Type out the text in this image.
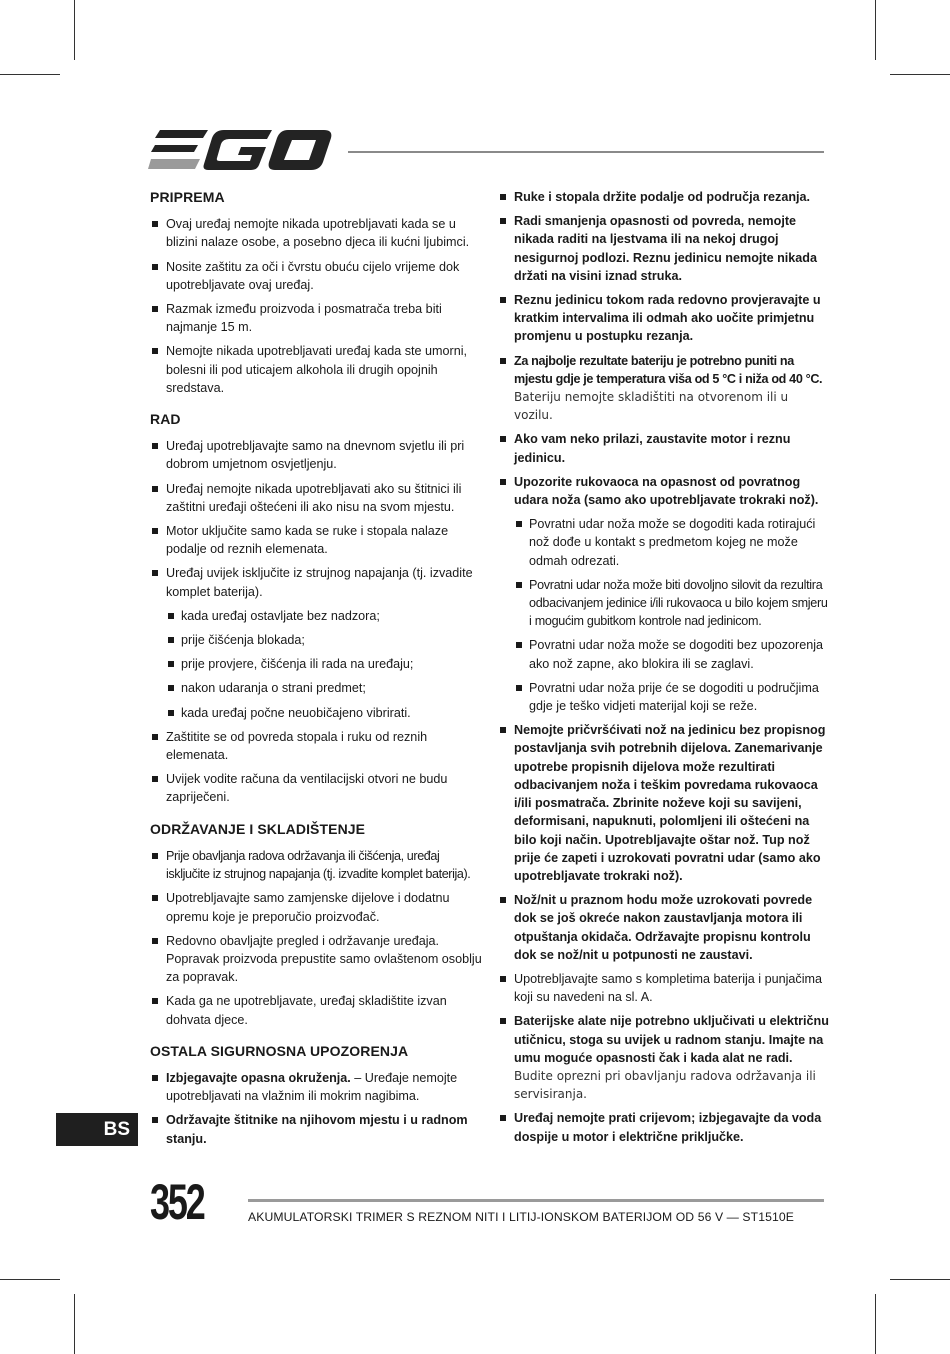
PRIPREMA
Ovaj uređaj nemojte nikada upotrebljavati kada se u blizini nalaze osobe, a posebno djeca ili kućni ljubimci.
Nosite zaštitu za oči i čvrstu obuću cijelo vrijeme dok upotrebljavate ovaj uređaj.
Razmak između proizvoda i posmatrača treba biti najmanje 15 m.
Nemojte nikada upotrebljavati uređaj kada ste umorni, bolesni ili pod uticajem alkohola ili drugih opojnih sredstava.
RAD
Uređaj upotrebljavajte samo na dnevnom svjetlu ili pri dobrom umjetnom osvjetljenju.
Uređaj nemojte nikada upotrebljavati ako su štitnici ili zaštitni uređaji oštećeni ili ako nisu na svom mjestu.
Motor uključite samo kada se ruke i stopala nalaze podalje od reznih elemenata.
Uređaj uvijek isključite iz strujnog napajanja (tj. izvadite komplet baterija).
kada uređaj ostavljate bez nadzora;
prije čišćenja blokada;
prije provjere, čišćenja ili rada na uređaju;
nakon udaranja o strani predmet;
kada uređaj počne neuobičajeno vibrirati.
Zaštitite se od povreda stopala i ruku od reznih elemenata.
Uvijek vodite računa da ventilacijski otvori ne budu zapriječeni.
ODRŽAVANJE I SKLADIŠTENJE
Prije obavljanja radova održavanja ili čišćenja, uređaj isključite iz strujnog napajanja (tj. izvadite komplet baterija).
Upotrebljavajte samo zamjenske dijelove i dodatnu opremu koje je preporučio proizvođač.
Redovno obavljajte pregled i održavanje uređaja. Popravak proizvoda prepustite samo ovlaštenom osoblju za popravak.
Kada ga ne upotrebljavate, uređaj skladištite izvan dohvata djece.
OSTALA SIGURNOSNA UPOZORENJA
Izbjegavajte opasna okruženja. – Uređaje nemojte upotrebljavati na vlažnim ili mokrim nagibima.
Održavajte štitnike na njihovom mjestu i u radnom stanju.
Ruke i stopala držite podalje od područja rezanja.
Radi smanjenja opasnosti od povreda, nemojte nikada raditi na ljestvama ili na nekoj drugoj nesigurnoj podlozi. Reznu jedinicu nemojte nikada držati na visini iznad struka.
Reznu jedinicu tokom rada redovno provjeravajte u kratkim intervalima ili odmah ako uočite primjetnu promjenu u postupku rezanja.
Za najbolje rezultate bateriju je potrebno puniti na mjestu gdje je temperatura viša od 5 °C i niža od 40 °C. Bateriju nemojte skladištiti na otvorenom ili u vozilu.
Ako vam neko prilazi, zaustavite motor i reznu jedinicu.
Upozorite rukovaoca na opasnost od povratnog udara noža (samo ako upotrebljavate trokraki nož).
Povratni udar noža može se dogoditi kada rotirajući nož dođe u kontakt s predmetom kojeg ne može odmah odrezati.
Povratni udar noža može biti dovoljno silovit da rezultira odbacivanjem jedinice i/ili rukovaoca u bilo kojem smjeru i mogućim gubitkom kontrole nad jedinicom.
Povratni udar noža može se dogoditi bez upozorenja ako nož zapne, ako blokira ili se zaglavi.
Povratni udar noža prije će se dogoditi u područjima gdje je teško vidjeti materijal koji se reže.
Nemojte pričvršćivati nož na jedinicu bez propisnog postavljanja svih potrebnih dijelova. Zanemarivanje upotrebe propisnih dijelova može rezultirati odbacivanjem noža i teškim povredama rukovaoca i/ili posmatrača. Zbrinite noževe koji su savijeni, deformisani, napuknuti, polomljeni ili oštećeni na bilo koji način. Upotrebljavajte oštar nož. Tup nož prije će zapeti i uzrokovati povratni udar (samo ako upotrebljavate trokraki nož).
Nož/nit u praznom hodu može uzrokovati povrede dok se još okreće nakon zaustavljanja motora ili otpuštanja okidača. Održavajte propisnu kontrolu dok se nož/nit u potpunosti ne zaustavi.
Upotrebljavajte samo s kompletima baterija i punjačima koji su navedeni na sl. A.
Baterijske alate nije potrebno uključivati u električnu utičnicu, stoga su uvijek u radnom stanju. Imajte na umu moguće opasnosti čak i kada alat ne radi. Budite oprezni pri obavljanju radova održavanja ili servisiranja.
Uređaj nemojte prati crijevom; izbjegavajte da voda dospije u motor i električne priključke.
BS
352	AKUMULATORSKI TRIMER S REZNOM NITI I LITIJ-IONSKOM BATERIJOM OD 56 V — ST1510E
